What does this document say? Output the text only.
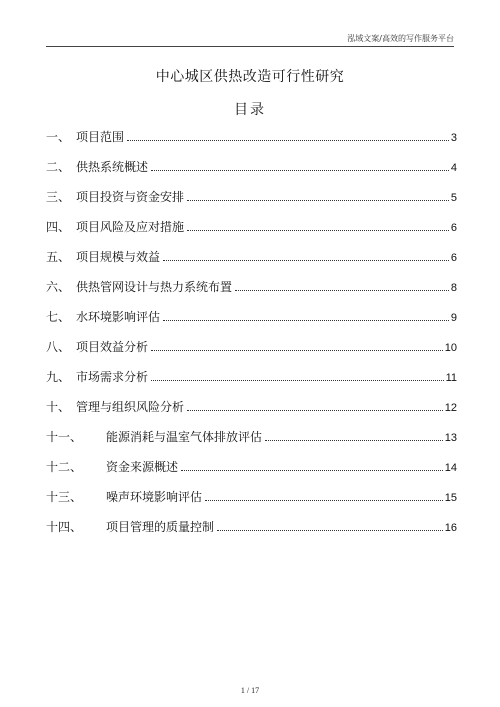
泓域文案/高效的写作服务平台
中心城区供热改造可行性研究
目录
一、 项目范围	3
二、 供热系统概述	4
三、 项目投资与资金安排	5
四、 项目风险及应对措施	6
五、 项目规模与效益	6
六、 供热管网设计与热力系统布置	8
七、 水环境影响评估	9
八、 项目效益分析	10
九、 市场需求分析	11
十、 管理与组织风险分析	12
十一、	能源消耗与温室气体排放评估	13
十二、	资金来源概述	14
十三、	噪声环境影响评估	15
十四、	项目管理的质量控制	16
1 / 17
